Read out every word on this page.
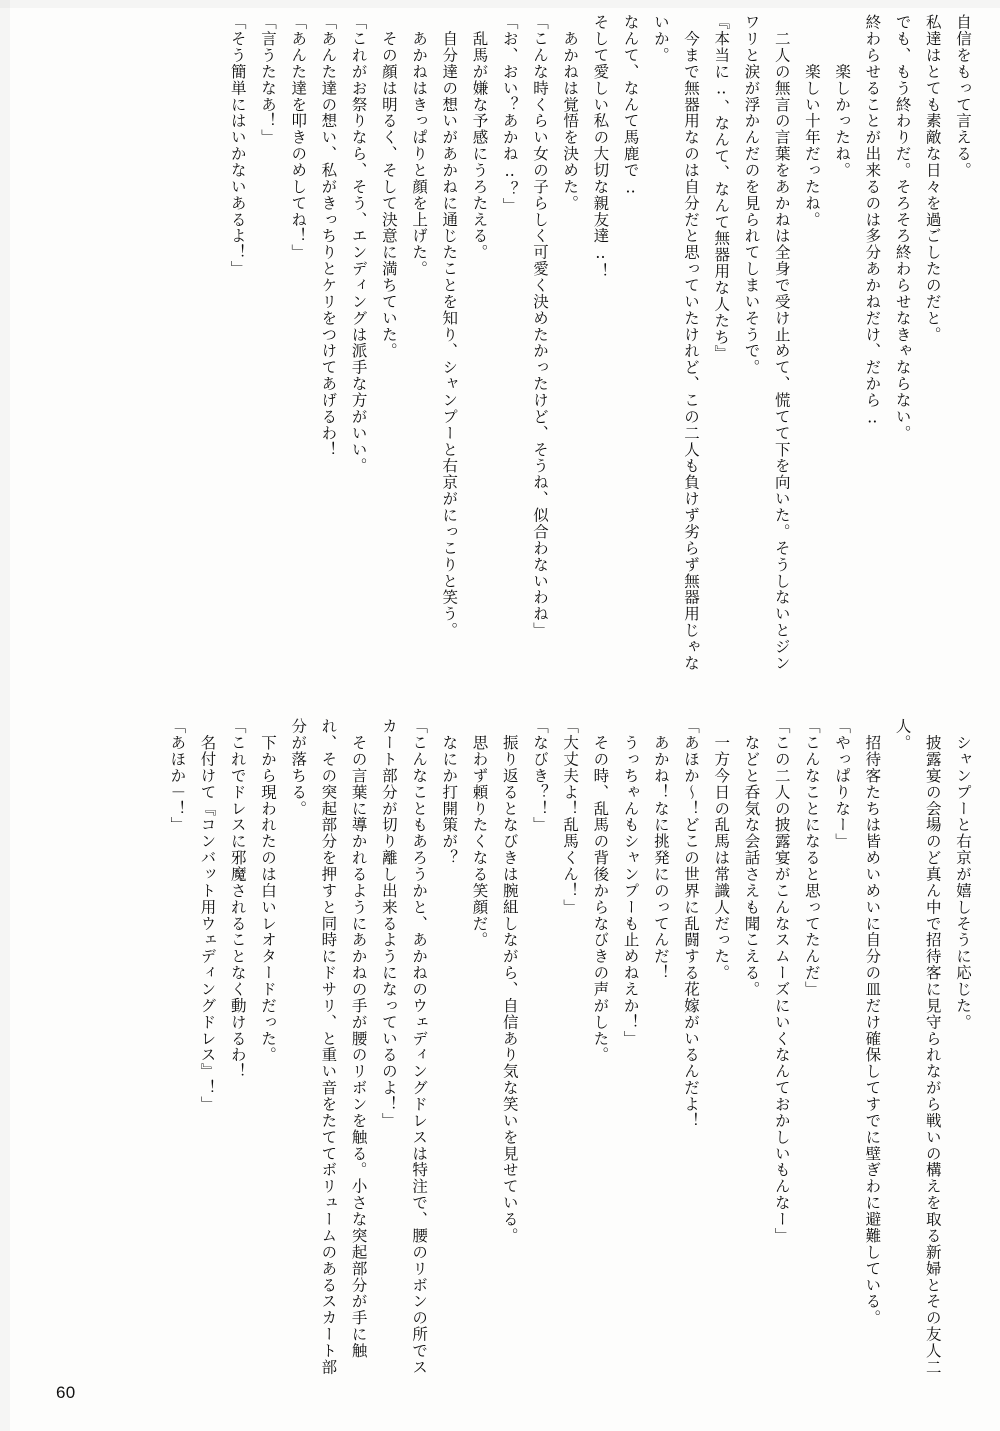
自信をもって言える。

私達はとても素敵な日々を過ごしたのだと。

でも、もう終わりだ。そろそろ終わらせなきゃならない。

終わらせることが出来るのは多分あかねだけ、だから‥

　　　楽しかったね。

　　　楽しい十年だったね。

　二人の無言の言葉をあかねは全身で受け止めて、慌てて下を向いた。そうしないとジンワリと涙が浮かんだのを見られてしまいそうで。

『本当に‥、なんて、なんて無器用な人たち』

　今まで無器用なのは自分だと思っていたけれど、この二人も負けず劣らず無器用じゃないか。

なんて、なんて馬鹿で‥

そして愛しい私の大切な親友達‥！

　あかねは覚悟を決めた。

「こんな時くらい女の子らしく可愛く決めたかったけど、そうね、似合わないわね」

「お、おい？あかね‥？」

　乱馬が嫌な予感にうろたえる。

　自分達の想いがあかねに通じたことを知り、シャンプーと右京がにっこりと笑う。

　あかねはきっぱりと顔を上げた。

　その顔は明るく、そして決意に満ちていた。

「これがお祭りなら、そう、エンディングは派手な方がいい。

「あんた達の想い、私がきっちりとケリをつけてあげるわ！

「あんた達を叩きのめしてね！」

「言うたなあ！」

「そう簡単にはいかないあるよ！」

　シャンプーと右京が嬉しそうに応じた。

　披露宴の会場のど真ん中で招待客に見守られながら戦いの構えを取る新婦とその友人二人。

　招待客たちは皆めいめいに自分の皿だけ確保してすでに壁ぎわに避難している。

「やっぱりなー」

「こんなことになると思ってたんだ」

「この二人の披露宴がこんなスムーズにいくなんておかしいもんなー」

　などと呑気な会話さえも聞こえる。

　一方今日の乱馬は常識人だった。

「あほか～！どこの世界に乱闘する花嫁がいるんだよ！

　あかね！なに挑発にのってんだ！

　うっちゃんもシャンプーも止めねえか！」

　その時、乱馬の背後からなびきの声がした。

「大丈夫よ！乱馬くん！」

「なびき？！」

　振り返るとなびきは腕組しながら、自信あり気な笑いを見せている。

　思わず頼りたくなる笑顔だ。

　なにか打開策が？

「こんなこともあろうかと、あかねのウェディングドレスは特注で、腰のリボンの所でスカート部分が切り離し出来るようになっているのよ！」

　その言葉に導かれるようにあかねの手が腰のリボンを触る。小さな突起部分が手に触れ、その突起部分を押すと同時にドサリ、と重い音をたててボリュームのあるスカート部分が落ちる。

　下から現われたのは白いレオタードだった。

「これでドレスに邪魔されることなく動けるわ！

　名付けて『コンバット用ウェディングドレス』！」

「あほか－！」

60
